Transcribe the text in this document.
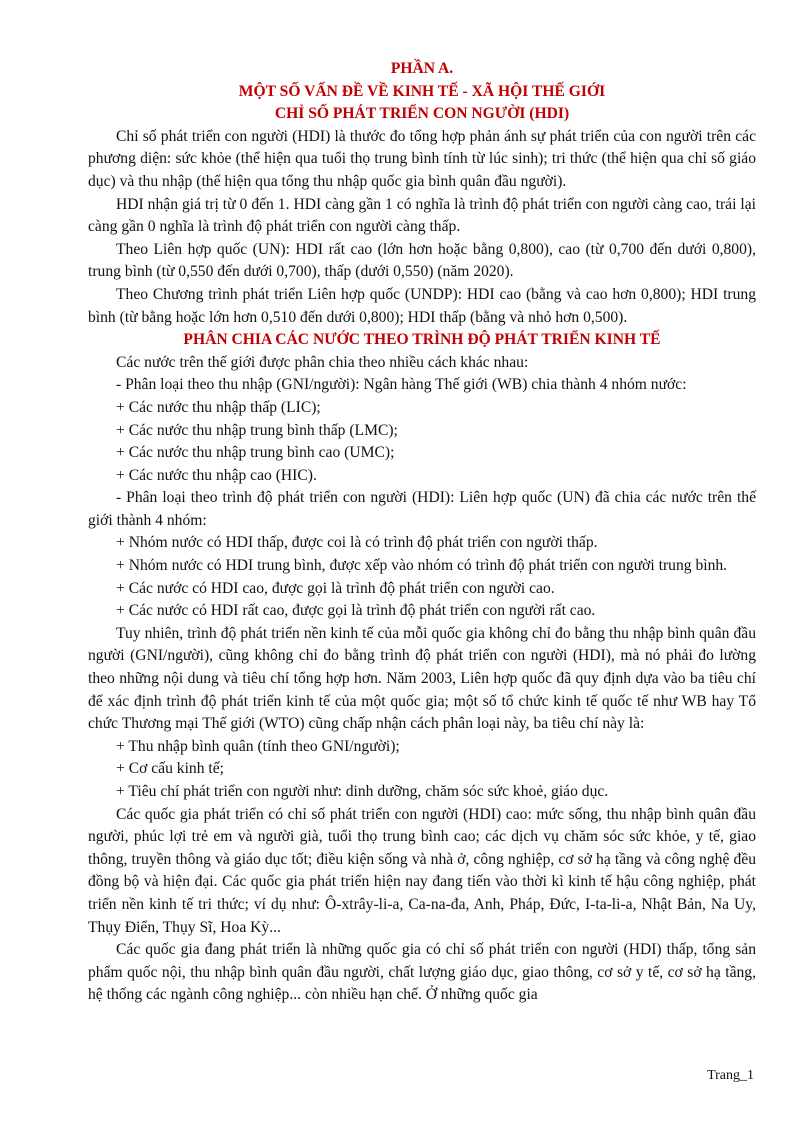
PHẦN A.
MỘT SỐ VẤN ĐỀ VỀ KINH TẾ - XÃ HỘI THẾ GIỚI
CHỈ SỐ PHÁT TRIỂN CON NGƯỜI (HDI)

Chỉ số phát triển con người (HDI) là thước đo tổng hợp phản ánh sự phát triển của con người trên các phương diện: sức khỏe (thể hiện qua tuổi thọ trung bình tính từ lúc sinh); tri thức (thể hiện qua chỉ số giáo dục) và thu nhập (thể hiện qua tổng thu nhập quốc gia bình quân đầu người).

HDI nhận giá trị từ 0 đến 1. HDI càng gần 1 có nghĩa là trình độ phát triển con người càng cao, trái lại càng gần 0 nghĩa là trình độ phát triển con người càng thấp.

Theo Liên hợp quốc (UN): HDI rất cao (lớn hơn hoặc bằng 0,800), cao (từ 0,700 đến dưới 0,800), trung bình (từ 0,550 đến dưới 0,700), thấp (dưới 0,550) (năm 2020).

Theo Chương trình phát triển Liên hợp quốc (UNDP): HDI cao (bằng và cao hơn 0,800); HDI trung bình (từ bằng hoặc lớn hơn 0,510 đến dưới 0,800); HDI thấp (bằng và nhỏ hơn 0,500).

PHÂN CHIA CÁC NƯỚC THEO TRÌNH ĐỘ PHÁT TRIỂN KINH TẾ

Các nước trên thế giới được phân chia theo nhiều cách khác nhau:

- Phân loại theo thu nhập (GNI/người): Ngân hàng Thế giới (WB) chia thành 4 nhóm nước:

+ Các nước thu nhập thấp (LIC);

+ Các nước thu nhập trung bình thấp (LMC);

+ Các nước thu nhập trung bình cao (UMC);

+ Các nước thu nhập cao (HIC).

- Phân loại theo trình độ phát triển con người (HDI): Liên hợp quốc (UN) đã chia các nước trên thế giới thành 4 nhóm:

+ Nhóm nước có HDI thấp, được coi là có trình độ phát triển con người thấp.

+ Nhóm nước có HDI trung bình, được xếp vào nhóm có trình độ phát triển con người trung bình.

+ Các nước có HDI cao, được gọi là trình độ phát triển con người cao.

+ Các nước có HDI rất cao, được gọi là trình độ phát triển con người rất cao.

Tuy nhiên, trình độ phát triển nền kinh tế của mỗi quốc gia không chỉ đo bằng thu nhập bình quân đầu người (GNI/người), cũng không chỉ đo bằng trình độ phát triển con người (HDI), mà nó phải đo lường theo những nội dung và tiêu chí tổng hợp hơn. Năm 2003, Liên hợp quốc đã quy định dựa vào ba tiêu chí để xác định trình độ phát triển kinh tế của một quốc gia; một số tổ chức kinh tế quốc tế như WB hay Tổ chức Thương mại Thế giới (WTO) cũng chấp nhận cách phân loại này, ba tiêu chí này là:

+ Thu nhập bình quân (tính theo GNI/người);

+ Cơ cấu kinh tế;

+ Tiêu chí phát triển con người như: dinh dưỡng, chăm sóc sức khoẻ, giáo dục.

Các quốc gia phát triển có chỉ số phát triển con người (HDI) cao: mức sống, thu nhập bình quân đầu người, phúc lợi trẻ em và người già, tuổi thọ trung bình cao; các dịch vụ chăm sóc sức khỏe, y tế, giao thông, truyền thông và giáo dục tốt; điều kiện sống và nhà ở, công nghiệp, cơ sở hạ tầng và công nghệ đều đồng bộ và hiện đại. Các quốc gia phát triển hiện nay đang tiến vào thời kì kinh tế hậu công nghiệp, phát triển nền kinh tế tri thức; ví dụ như: Ô-xtrây-li-a, Ca-na-đa, Anh, Pháp, Đức, I-ta-li-a, Nhật Bản, Na Uy, Thụy Điển, Thụy Sĩ, Hoa Kỳ...

Các quốc gia đang phát triển là những quốc gia có chỉ số phát triển con người (HDI) thấp, tổng sản phẩm quốc nội, thu nhập bình quân đầu người, chất lượng giáo dục, giao thông, cơ sở y tế, cơ sở hạ tầng, hệ thống các ngành công nghiệp... còn nhiều hạn chế. Ở những quốc gia

Trang_1
